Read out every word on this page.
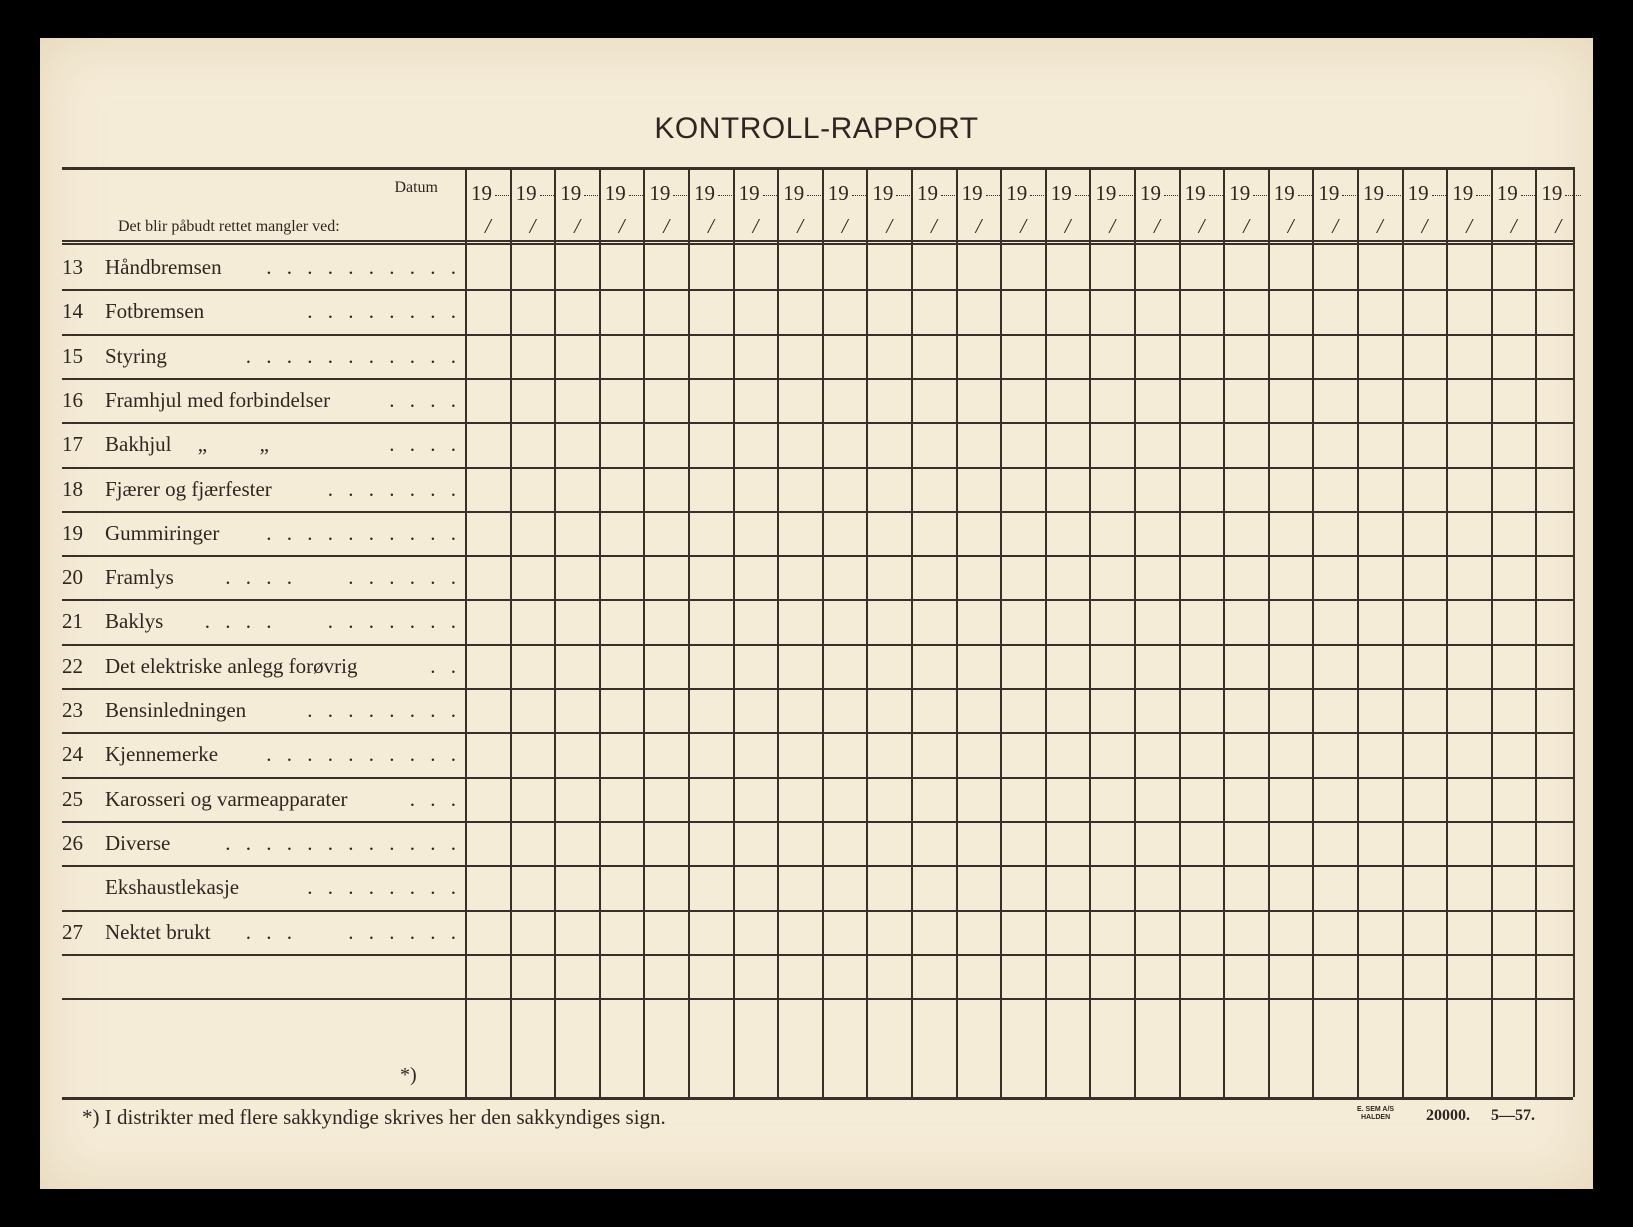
KONTROLL-RAPPORT
Datum
Det blir påbudt rettet mangler ved:
19
/
19
/
19
/
19
/
19
/
19
/
19
/
19
/
19
/
19
/
19
/
19
/
19
/
19
/
19
/
19
/
19
/
19
/
19
/
19
/
19
/
19
/
19
/
19
/
19
/
13	Håndbremsen . . . . . . . . . .
14	Fotbremsen	. . . . . . . .
15	Styring	. . . . . . . . . . .
16	Framhjul med forbindelser	. . . .
17	Bakhjul     „          „	. . . .
18	Fjærer og fjærfester	. . . . . . .
19	Gummiringer . . . . . . . . . .
20	Framlys . . . .     . . . . . .
21	Baklys . . . .     . . . . . . .
22	Det elektriske anlegg forøvrig	. .
23	Bensinledningen	. . . . . . . .
24	Kjennemerke . . . . . . . . . .
25	Karosseri og varmeapparater	. . .
26	Diverse	. . . . . . . . . . . .
Ekshaustlekasje	. . . . . . . .
27	Nektet brukt . . .     . . . . . .
*)
*) I distrikter med flere sakkyndige skrives her den sakkyndiges sign.	E. SEM A/S
HALDEN 20000. 5—57.
